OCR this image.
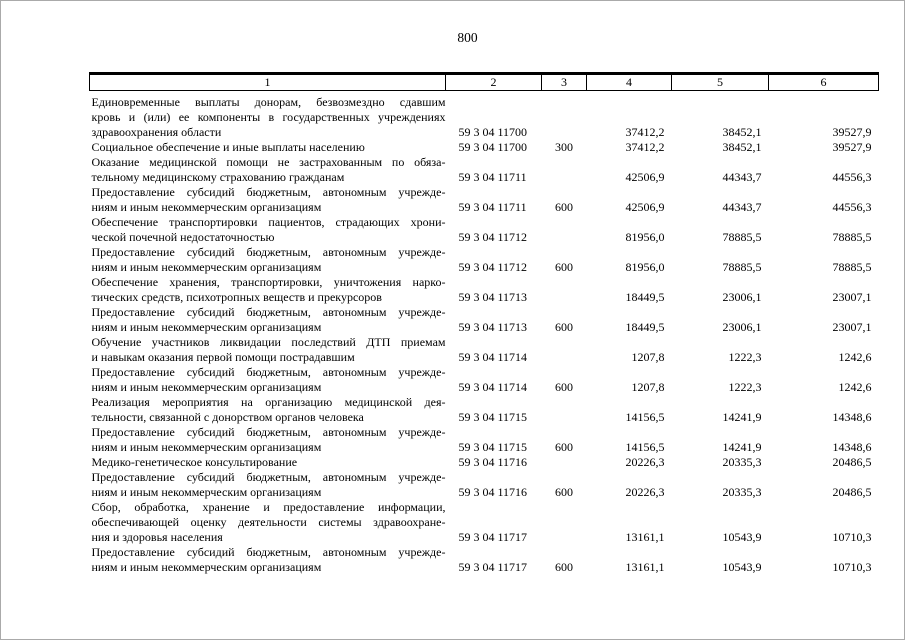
800
1	2	3	4	5	6

Единовременные выплаты донорам, безвозмездно сдавшим
кровь и (или) ее компоненты в государственных учреждениях
здравоохранения области	59 3 04 11700		37412,2	38452,1	39527,9

Социальное обеспечение и иные выплаты населению	59 3 04 11700	300	37412,2	38452,1	39527,9

Оказание медицинской помощи не застрахованным по обяза-
тельному медицинскому страхованию гражданам	59 3 04 11711		42506,9	44343,7	44556,3

Предоставление субсидий бюджетным, автономным учрежде-
ниям и иным некоммерческим организациям	59 3 04 11711	600	42506,9	44343,7	44556,3

Обеспечение транспортировки пациентов, страдающих хрони-
ческой почечной недостаточностью	59 3 04 11712		81956,0	78885,5	78885,5

Предоставление субсидий бюджетным, автономным учрежде-
ниям и иным некоммерческим организациям	59 3 04 11712	600	81956,0	78885,5	78885,5

Обеспечение хранения, транспортировки, уничтожения нарко-
тических средств, психотропных веществ и прекурсоров	59 3 04 11713		18449,5	23006,1	23007,1

Предоставление субсидий бюджетным, автономным учрежде-
ниям и иным некоммерческим организациям	59 3 04 11713	600	18449,5	23006,1	23007,1

Обучение участников ликвидации последствий ДТП приемам
и навыкам оказания первой помощи пострадавшим	59 3 04 11714		1207,8	1222,3	1242,6

Предоставление субсидий бюджетным, автономным учрежде-
ниям и иным некоммерческим организациям	59 3 04 11714	600	1207,8	1222,3	1242,6

Реализация мероприятия на организацию медицинской дея-
тельности, связанной с донорством органов человека	59 3 04 11715		14156,5	14241,9	14348,6

Предоставление субсидий бюджетным, автономным учрежде-
ниям и иным некоммерческим организациям	59 3 04 11715	600	14156,5	14241,9	14348,6

Медико-генетическое консультирование	59 3 04 11716		20226,3	20335,3	20486,5

Предоставление субсидий бюджетным, автономным учрежде-
ниям и иным некоммерческим организациям	59 3 04 11716	600	20226,3	20335,3	20486,5

Сбор, обработка, хранение и предоставление информации,
обеспечивающей оценку деятельности системы здравоохране-
ния и здоровья населения	59 3 04 11717		13161,1	10543,9	10710,3

Предоставление субсидий бюджетным, автономным учрежде-
ниям и иным некоммерческим организациям	59 3 04 11717	600	13161,1	10543,9	10710,3
